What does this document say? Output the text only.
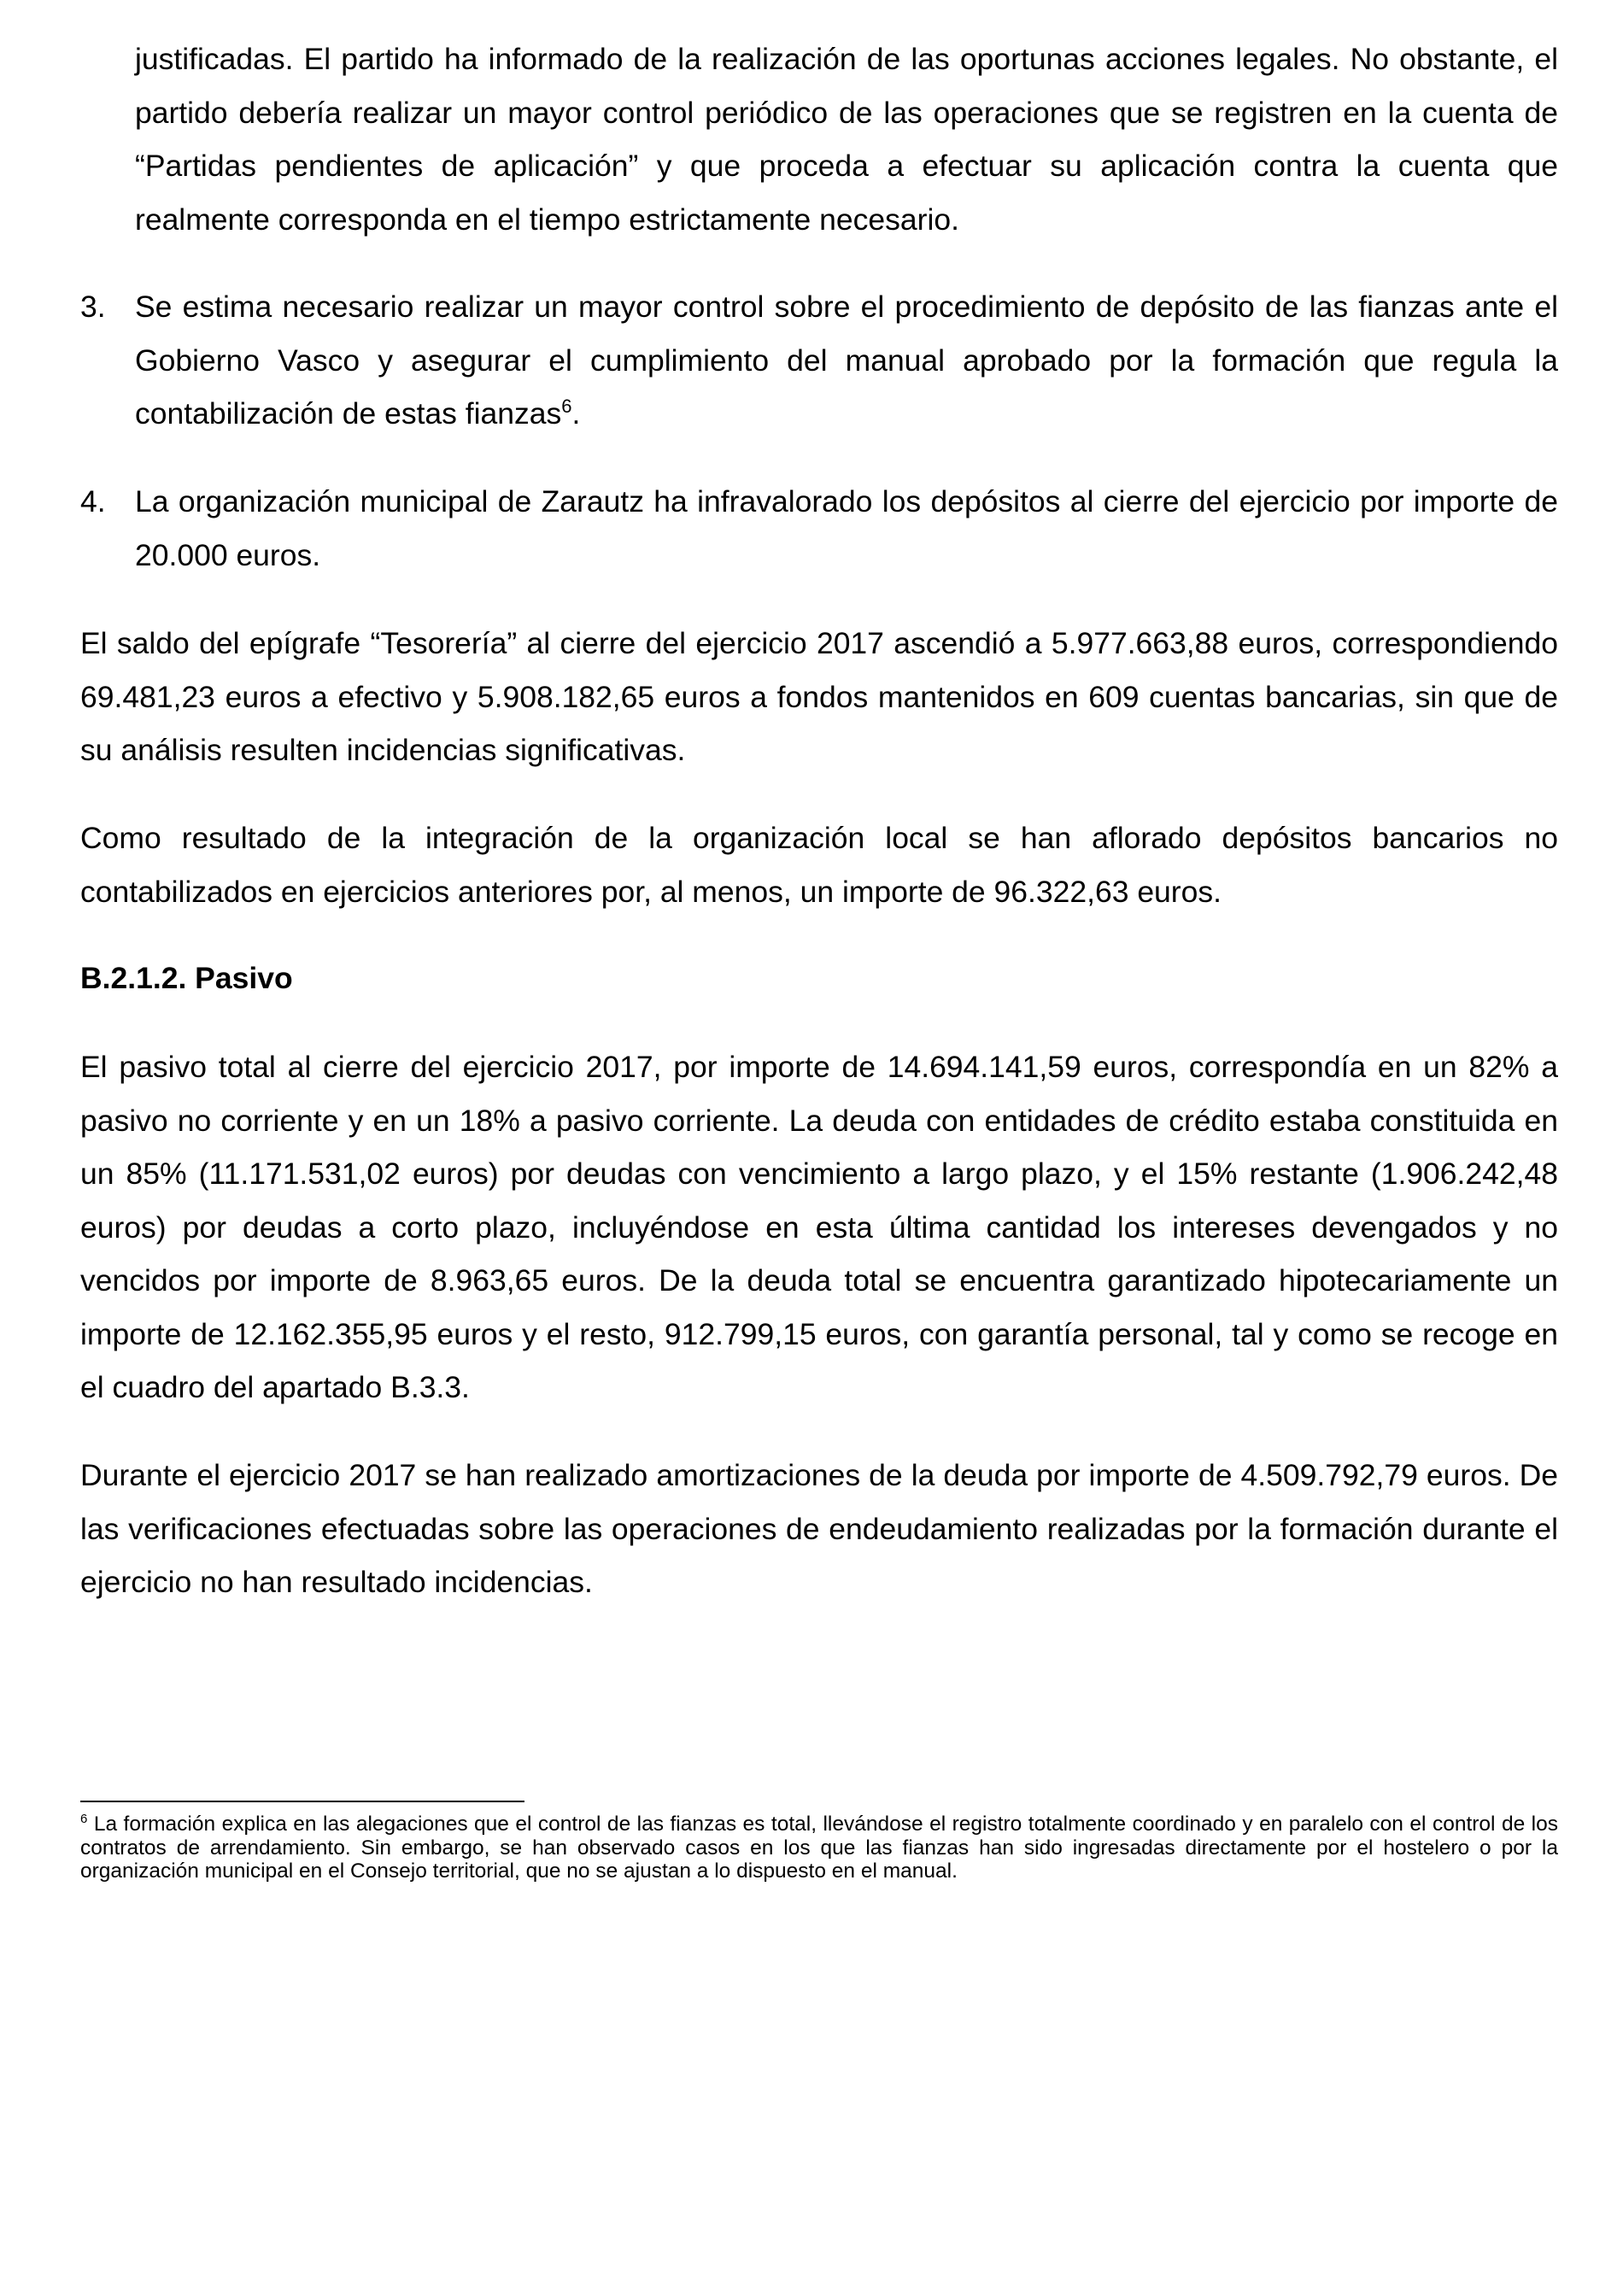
justificadas. El partido ha informado de la realización de las oportunas acciones legales. No obstante, el partido debería realizar un mayor control periódico de las operaciones que se registren en la cuenta de “Partidas pendientes de aplicación” y que proceda a efectuar su aplicación contra la cuenta que realmente corresponda en el tiempo estrictamente necesario.

3. Se estima necesario realizar un mayor control sobre el procedimiento de depósito de las fianzas ante el Gobierno Vasco y asegurar el cumplimiento del manual aprobado por la formación que regula la contabilización de estas fianzas$^6$.

4. La organización municipal de Zarautz ha infravalorado los depósitos al cierre del ejercicio por importe de 20.000 euros.

El saldo del epígrafe “Tesorería” al cierre del ejercicio 2017 ascendió a 5.977.663,88 euros, correspondiendo 69.481,23 euros a efectivo y 5.908.182,65 euros a fondos mantenidos en 609 cuentas bancarias, sin que de su análisis resulten incidencias significativas.

Como resultado de la integración de la organización local se han aflorado depósitos bancarios no contabilizados en ejercicios anteriores por, al menos, un importe de 96.322,63 euros.

B.2.1.2. Pasivo

El pasivo total al cierre del ejercicio 2017, por importe de 14.694.141,59 euros, correspondía en un 82% a pasivo no corriente y en un 18% a pasivo corriente. La deuda con entidades de crédito estaba constituida en un 85% (11.171.531,02 euros) por deudas con vencimiento a largo plazo, y el 15% restante (1.906.242,48 euros) por deudas a corto plazo, incluyéndose en esta última cantidad los intereses devengados y no vencidos por importe de 8.963,65 euros. De la deuda total se encuentra garantizado hipotecariamente un importe de 12.162.355,95 euros y el resto, 912.799,15 euros, con garantía personal, tal y como se recoge en el cuadro del apartado B.3.3.

Durante el ejercicio 2017 se han realizado amortizaciones de la deuda por importe de 4.509.792,79 euros. De las verificaciones efectuadas sobre las operaciones de endeudamiento realizadas por la formación durante el ejercicio no han resultado incidencias.

$^6$ La formación explica en las alegaciones que el control de las fianzas es total, llevándose el registro totalmente coordinado y en paralelo con el control de los contratos de arrendamiento. Sin embargo, se han observado casos en los que las fianzas han sido ingresadas directamente por el hostelero o por la organización municipal en el Consejo territorial, que no se ajustan a lo dispuesto en el manual.
